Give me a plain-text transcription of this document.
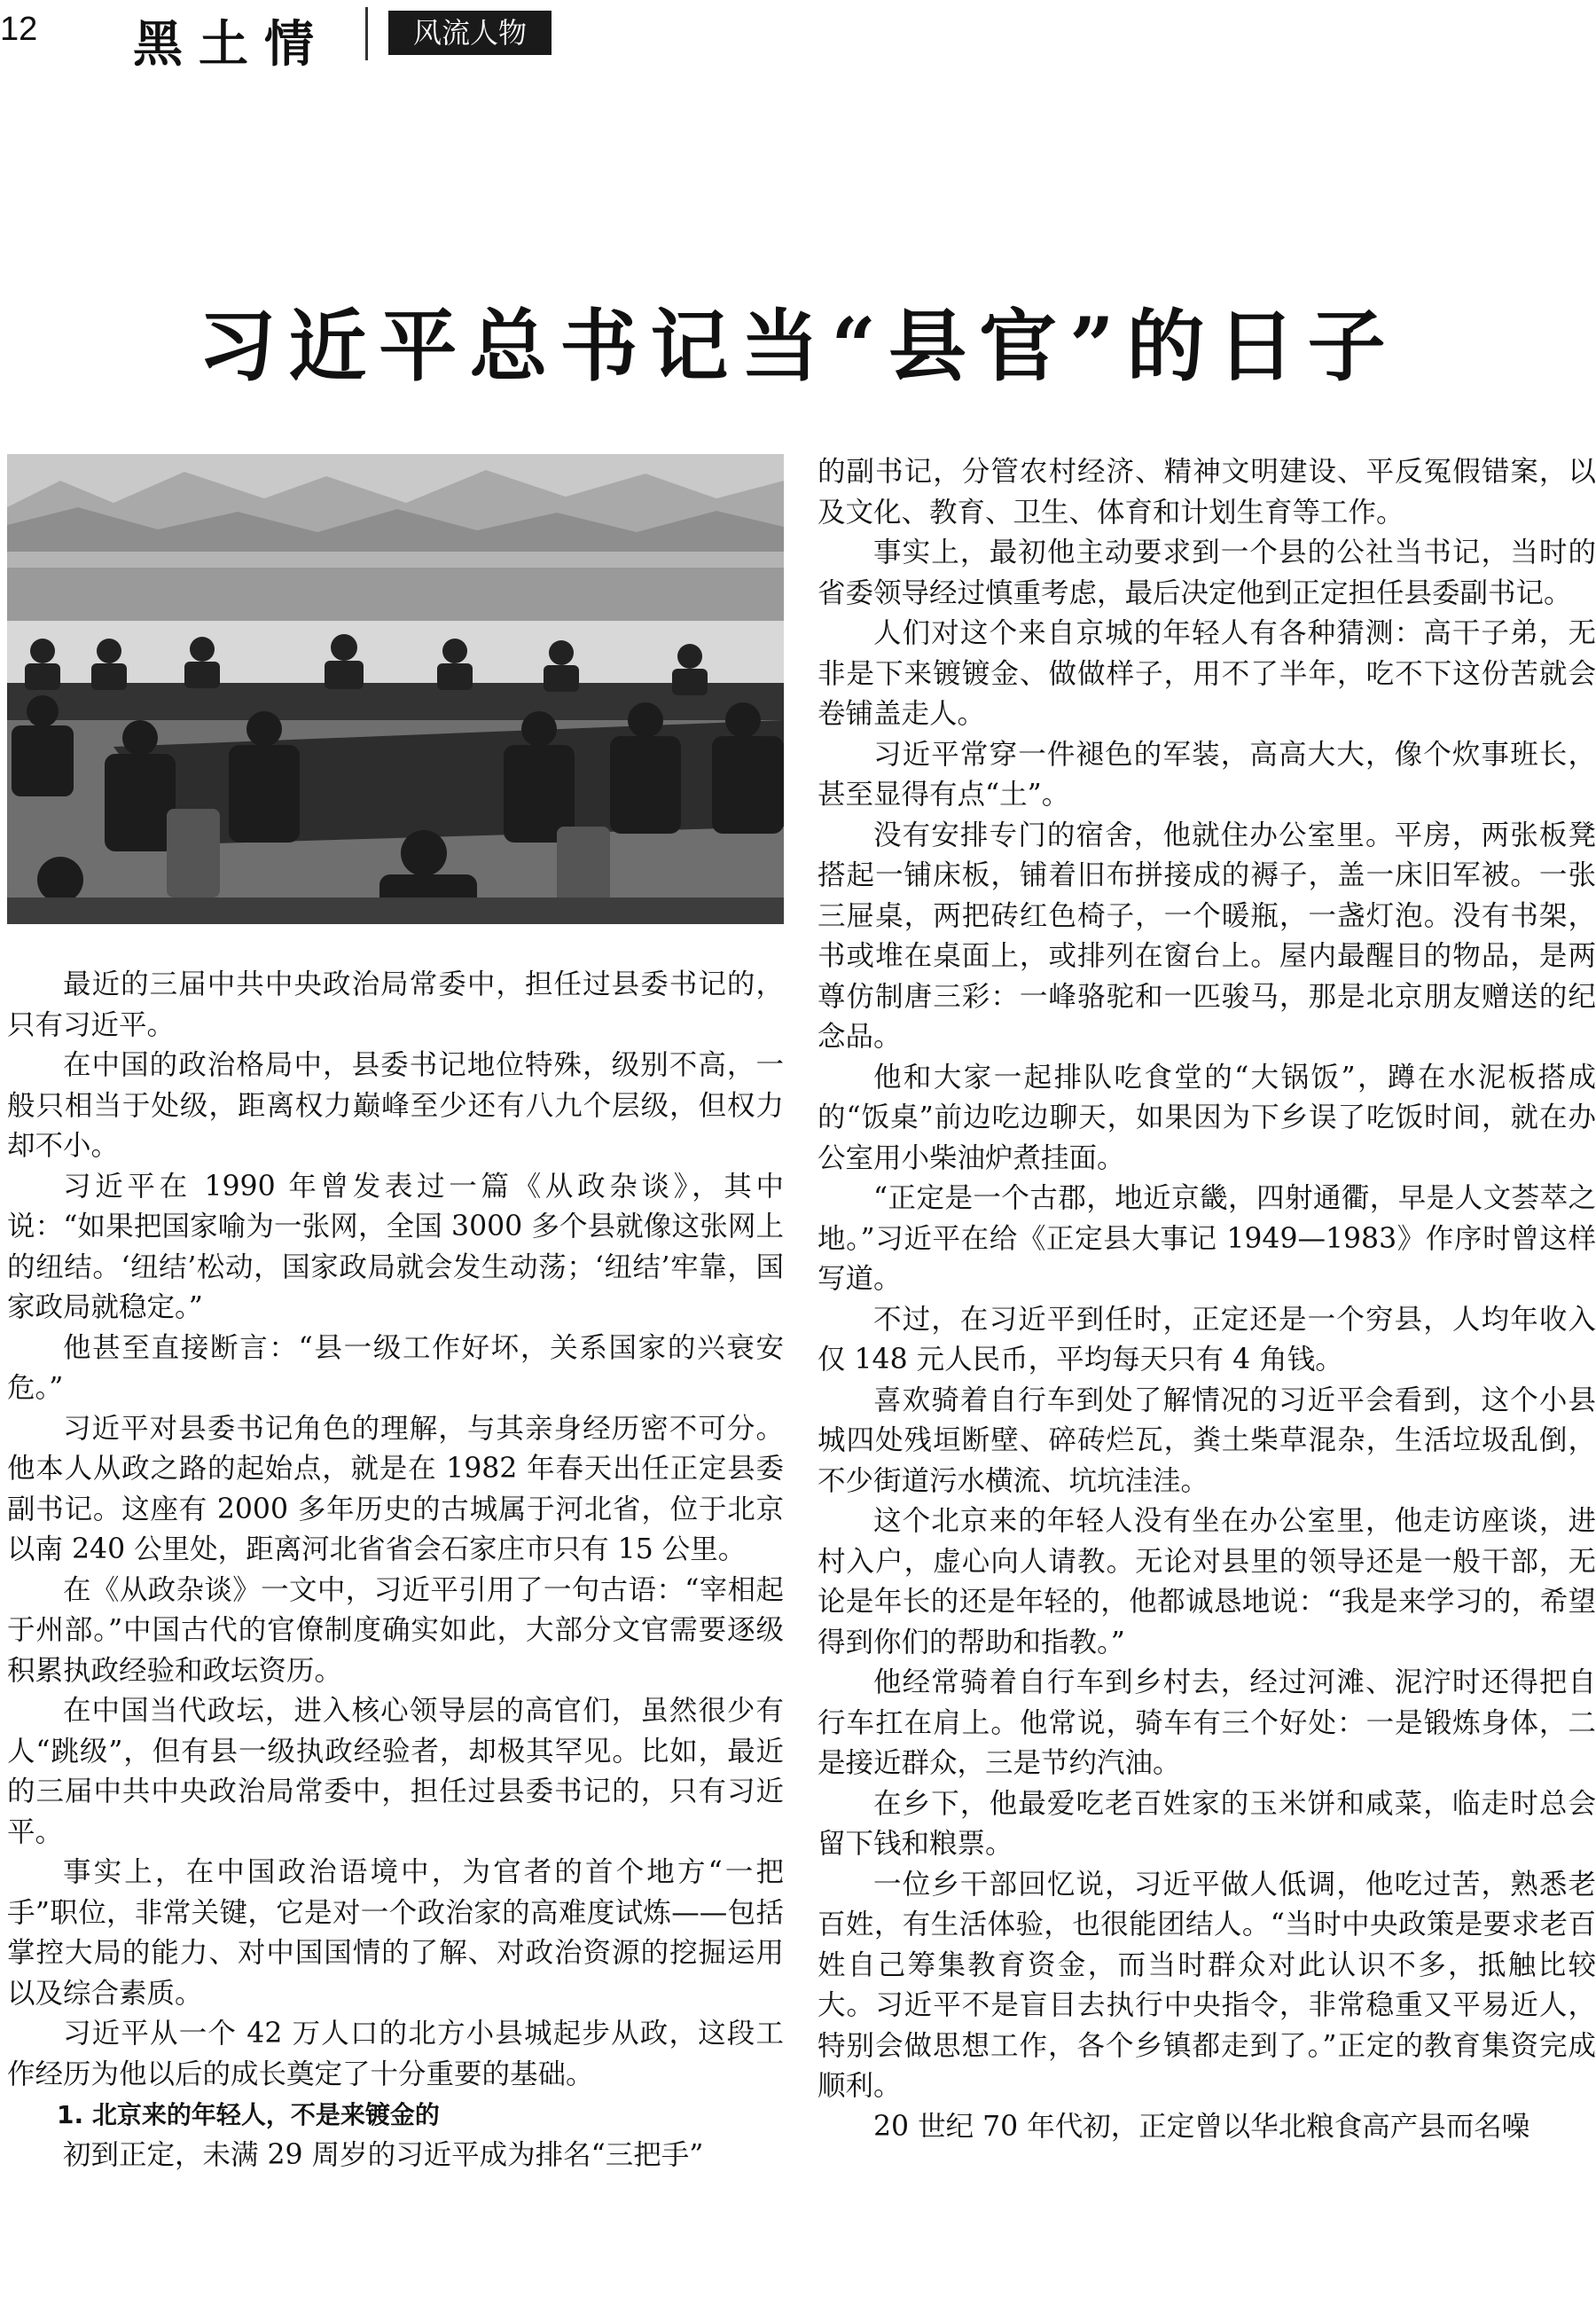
12 黑土情	风流人物
习近平总书记当“县官”的日子

最近的三届中共中央政治局常委中，担任过县委书记的，只有习近平。

在中国的政治格局中，县委书记地位特殊，级别不高，一般只相当于处级，距离权力巅峰至少还有八九个层级，但权力却不小。

习近平在 1990 年曾发表过一篇《从政杂谈》，其中说：“如果把国家喻为一张网，全国 3000 多个县就像这张网上的纽结。‘纽结’松动，国家政局就会发生动荡；‘纽结’牢靠，国家政局就稳定。”

他甚至直接断言：“县一级工作好坏，关系国家的兴衰安危。”

习近平对县委书记角色的理解，与其亲身经历密不可分。他本人从政之路的起始点，就是在 1982 年春天出任正定县委副书记。这座有 2000 多年历史的古城属于河北省，位于北京以南 240 公里处，距离河北省省会石家庄市只有 15 公里。

在《从政杂谈》一文中，习近平引用了一句古语：“宰相起于州部。”中国古代的官僚制度确实如此，大部分文官需要逐级积累执政经验和政坛资历。

在中国当代政坛，进入核心领导层的高官们，虽然很少有人“跳级”，但有县一级执政经验者，却极其罕见。比如，最近的三届中共中央政治局常委中，担任过县委书记的，只有习近平。

事实上，在中国政治语境中，为官者的首个地方“一把手”职位，非常关键，它是对一个政治家的高难度试炼——包括掌控大局的能力、对中国国情的了解、对政治资源的挖掘运用以及综合素质。

习近平从一个 42 万人口的北方小县城起步从政，这段工作经历为他以后的成长奠定了十分重要的基础。

1. 北京来的年轻人，不是来镀金的

初到正定，未满 29 周岁的习近平成为排名“三把手”

的副书记，分管农村经济、精神文明建设、平反冤假错案，以及文化、教育、卫生、体育和计划生育等工作。

事实上，最初他主动要求到一个县的公社当书记，当时的省委领导经过慎重考虑，最后决定他到正定担任县委副书记。

人们对这个来自京城的年轻人有各种猜测：高干子弟，无非是下来镀镀金、做做样子，用不了半年，吃不下这份苦就会卷铺盖走人。

习近平常穿一件褪色的军装，高高大大，像个炊事班长，甚至显得有点“土”。

没有安排专门的宿舍，他就住办公室里。平房，两张板凳搭起一铺床板，铺着旧布拼接成的褥子，盖一床旧军被。一张三屉桌，两把砖红色椅子，一个暖瓶，一盏灯泡。没有书架，书或堆在桌面上，或排列在窗台上。屋内最醒目的物品，是两尊仿制唐三彩：一峰骆驼和一匹骏马，那是北京朋友赠送的纪念品。

他和大家一起排队吃食堂的“大锅饭”，蹲在水泥板搭成的“饭桌”前边吃边聊天，如果因为下乡误了吃饭时间，就在办公室用小柴油炉煮挂面。

“正定是一个古郡，地近京畿，四射通衢，早是人文荟萃之地。”习近平在给《正定县大事记 1949—1983》作序时曾这样写道。

不过，在习近平到任时，正定还是一个穷县，人均年收入仅 148 元人民币，平均每天只有 4 角钱。

喜欢骑着自行车到处了解情况的习近平会看到，这个小县城四处残垣断壁、碎砖烂瓦，粪土柴草混杂，生活垃圾乱倒，不少街道污水横流、坑坑洼洼。

这个北京来的年轻人没有坐在办公室里，他走访座谈，进村入户，虚心向人请教。无论对县里的领导还是一般干部，无论是年长的还是年轻的，他都诚恳地说：“我是来学习的，希望得到你们的帮助和指教。”

他经常骑着自行车到乡村去，经过河滩、泥泞时还得把自行车扛在肩上。他常说，骑车有三个好处：一是锻炼身体，二是接近群众，三是节约汽油。

在乡下，他最爱吃老百姓家的玉米饼和咸菜，临走时总会留下钱和粮票。

一位乡干部回忆说，习近平做人低调，他吃过苦，熟悉老百姓，有生活体验，也很能团结人。“当时中央政策是要求老百姓自己筹集教育资金，而当时群众对此认识不多，抵触比较大。习近平不是盲目去执行中央指令，非常稳重又平易近人，特别会做思想工作，各个乡镇都走到了。”正定的教育集资完成顺利。

20 世纪 70 年代初，正定曾以华北粮食高产县而名噪
